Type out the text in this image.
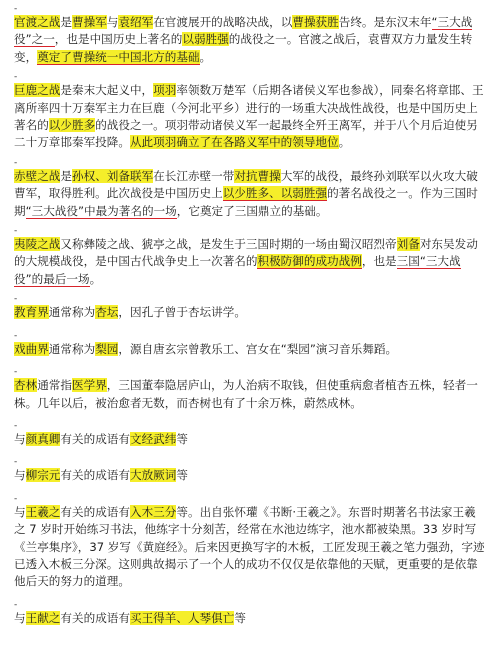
-

官渡之战是曹操军与袁绍军在官渡展开的战略决战，以曹操获胜告终。是东汉末年“三大战役”之一，也是中国历史上著名的以弱胜强的战役之一。官渡之战后，袁曹双方力量发生转变，奠定了曹操统一中国北方的基础。

-

巨鹿之战是秦末大起义中，项羽率领数万楚军（后期各诸侯义军也参战），同秦名将章邯、王离所率四十万秦军主力在巨鹿（今河北平乡）进行的一场重大决战性战役，也是中国历史上著名的以少胜多的战役之一。项羽带动诸侯义军一起最终全歼王离军，并于八个月后迫使另二十万章邯秦军投降。从此项羽确立了在各路义军中的领导地位。

-

赤壁之战是孙权、刘备联军在长江赤壁一带对抗曹操大军的战役，最终孙刘联军以火攻大破曹军，取得胜利。此次战役是中国历史上以少胜多、以弱胜强的著名战役之一。作为三国时期“三大战役”中最为著名的一场，它奠定了三国鼎立的基础。

-

夷陵之战又称彝陵之战、猇亭之战，是发生于三国时期的一场由蜀汉昭烈帝刘备对东吴发动的大规模战役，是中国古代战争史上一次著名的积极防御的成功战例，也是三国“三大战役”的最后一场。

-

教育界通常称为杏坛，因孔子曾于杏坛讲学。

-

戏曲界通常称为梨园，源自唐玄宗曾教乐工、宫女在“梨园”演习音乐舞蹈。

-

杏林通常指医学界，三国董奉隐居庐山，为人治病不取钱，但使重病愈者植杏五株，轻者一株。几年以后，被治愈者无数，而杏树也有了十余万株，蔚然成林。

-

与颜真卿有关的成语有文经武纬等

-

与柳宗元有关的成语有大放厥词等

-

与王羲之有关的成语有入木三分等。出自张怀瓘《书断·王羲之》。东晋时期著名书法家王羲之 7 岁时开始练习书法，他练字十分刻苦，经常在水池边练字，池水都被染黑。33 岁时写《兰亭集序》，37 岁写《黄庭经》。后来因更换写字的木板，工匠发现王羲之笔力强劲，字迹已透入木板三分深。这则典故揭示了一个人的成功不仅仅是依靠他的天赋，更重要的是依靠他后天的努力的道理。

-

与王献之有关的成语有买王得羊、人琴俱亡等
